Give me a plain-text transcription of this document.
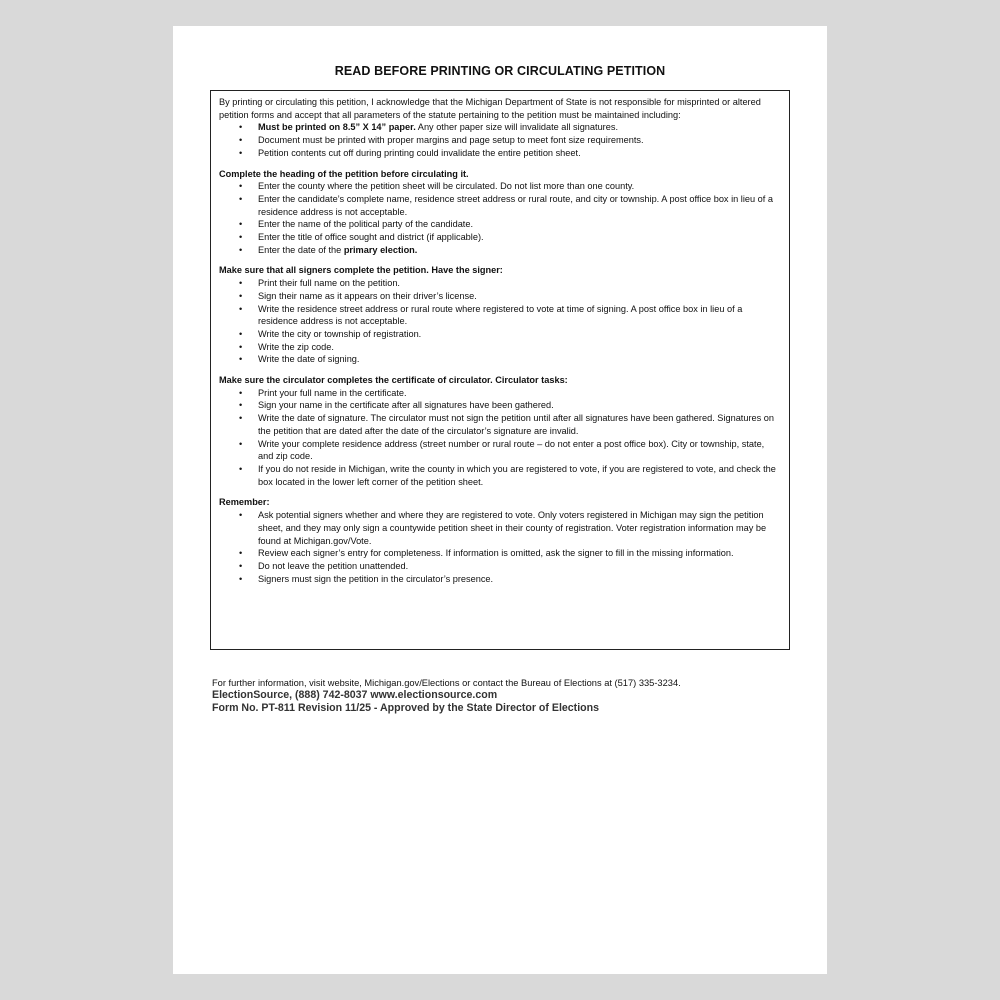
READ BEFORE PRINTING OR CIRCULATING PETITION

By printing or circulating this petition, I acknowledge that the Michigan Department of State is not responsible for misprinted or altered petition forms and accept that all parameters of the statute pertaining to the petition must be maintained including:

• Must be printed on 8.5” X 14” paper. Any other paper size will invalidate all signatures.
• Document must be printed with proper margins and page setup to meet font size requirements.
• Petition contents cut off during printing could invalidate the entire petition sheet.

Complete the heading of the petition before circulating it.

• Enter the county where the petition sheet will be circulated. Do not list more than one county.
• Enter the candidate’s complete name, residence street address or rural route, and city or township. A post office box in lieu of a residence address is not acceptable.
• Enter the name of the political party of the candidate.
• Enter the title of office sought and district (if applicable).
• Enter the date of the primary election.

Make sure that all signers complete the petition. Have the signer:

• Print their full name on the petition.
• Sign their name as it appears on their driver’s license.
• Write the residence street address or rural route where registered to vote at time of signing. A post office box in lieu of a residence address is not acceptable.
• Write the city or township of registration.
• Write the zip code.
• Write the date of signing.

Make sure the circulator completes the certificate of circulator. Circulator tasks:

• Print your full name in the certificate.
• Sign your name in the certificate after all signatures have been gathered.
• Write the date of signature. The circulator must not sign the petition until after all signatures have been gathered. Signatures on the petition that are dated after the date of the circulator’s signature are invalid.
• Write your complete residence address (street number or rural route – do not enter a post office box). City or township, state, and zip code.
• If you do not reside in Michigan, write the county in which you are registered to vote, if you are registered to vote, and check the box located in the lower left corner of the petition sheet.

Remember:

• Ask potential signers whether and where they are registered to vote. Only voters registered in Michigan may sign the petition sheet, and they may only sign a countywide petition sheet in their county of registration. Voter registration information may be found at Michigan.gov/Vote.
• Review each signer’s entry for completeness. If information is omitted, ask the signer to fill in the missing information.
• Do not leave the petition unattended.
• Signers must sign the petition in the circulator’s presence.
For further information, visit website, Michigan.gov/Elections or contact the Bureau of Elections at (517) 335-3234.
ElectionSource, (888) 742-8037 www.electionsource.com
Form No. PT-811 Revision 11/25 - Approved by the State Director of Elections
